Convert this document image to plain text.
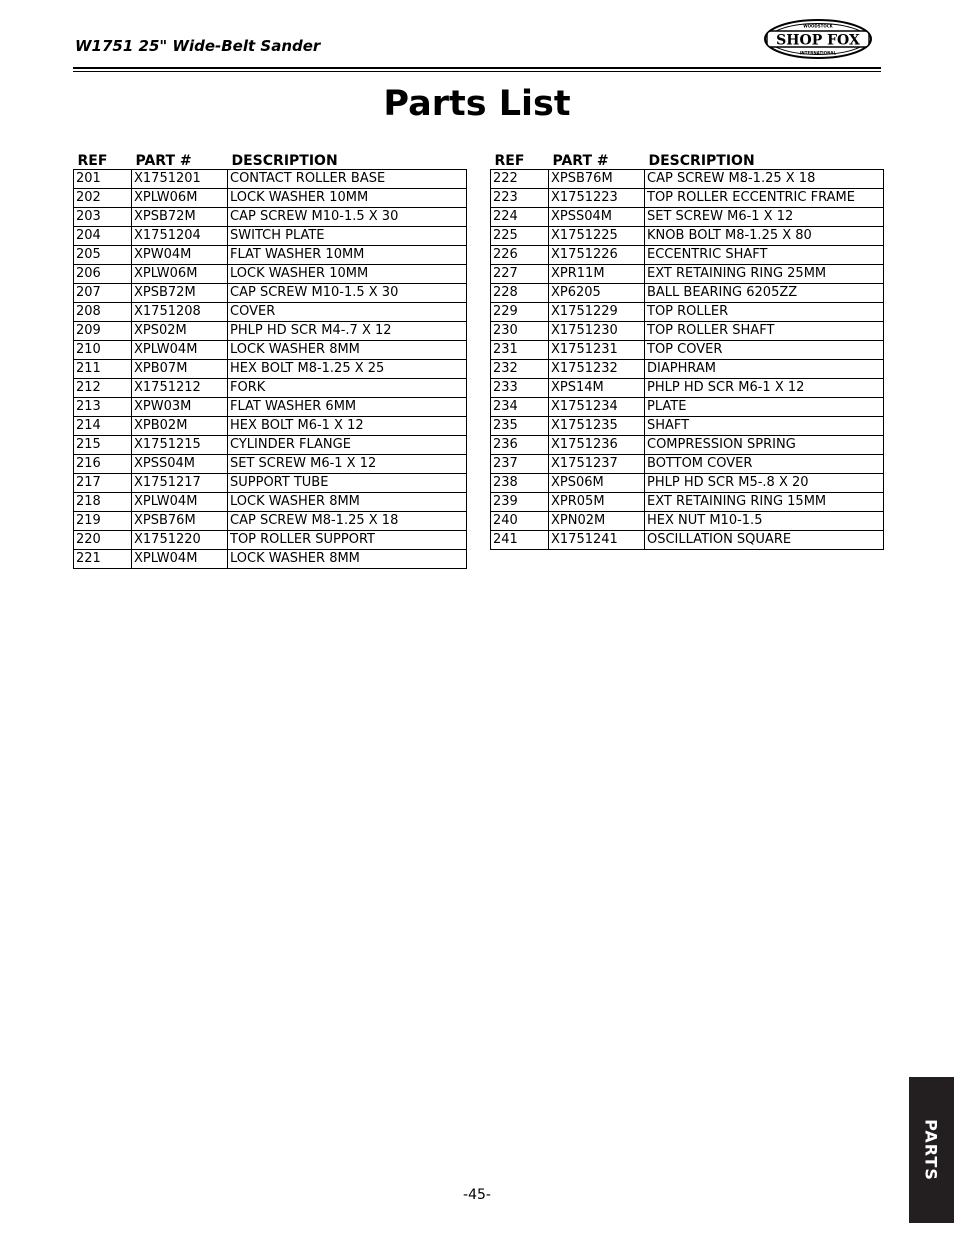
W1751 25" Wide-Belt Sander	SHOP FOX
WOODSTOCK
INTERNATIONAL
Parts List
REF	PART #	DESCRIPTION
201	X1751201	CONTACT ROLLER BASE
202	XPLW06M	LOCK WASHER 10MM
203	XPSB72M	CAP SCREW M10-1.5 X 30
204	X1751204	SWITCH PLATE
205	XPW04M	FLAT WASHER 10MM
206	XPLW06M	LOCK WASHER 10MM
207	XPSB72M	CAP SCREW M10-1.5 X 30
208	X1751208	COVER
209	XPS02M	PHLP HD SCR M4-.7 X 12
210	XPLW04M	LOCK WASHER 8MM
211	XPB07M	HEX BOLT M8-1.25 X 25
212	X1751212	FORK
213	XPW03M	FLAT WASHER 6MM
214	XPB02M	HEX BOLT M6-1 X 12
215	X1751215	CYLINDER FLANGE
216	XPSS04M	SET SCREW M6-1 X 12
217	X1751217	SUPPORT TUBE
218	XPLW04M	LOCK WASHER 8MM
219	XPSB76M	CAP SCREW M8-1.25 X 18
220	X1751220	TOP ROLLER SUPPORT
221	XPLW04M	LOCK WASHER 8MM
REF	PART #	DESCRIPTION
222	XPSB76M	CAP SCREW M8-1.25 X 18
223	X1751223	TOP ROLLER ECCENTRIC FRAME
224	XPSS04M	SET SCREW M6-1 X 12
225	X1751225	KNOB BOLT M8-1.25 X 80
226	X1751226	ECCENTRIC SHAFT
227	XPR11M	EXT RETAINING RING 25MM
228	XP6205	BALL BEARING 6205ZZ
229	X1751229	TOP ROLLER
230	X1751230	TOP ROLLER SHAFT
231	X1751231	TOP COVER
232	X1751232	DIAPHRAM
233	XPS14M	PHLP HD SCR M6-1 X 12
234	X1751234	PLATE
235	X1751235	SHAFT
236	X1751236	COMPRESSION SPRING
237	X1751237	BOTTOM COVER
238	XPS06M	PHLP HD SCR M5-.8 X 20
239	XPR05M	EXT RETAINING RING 15MM
240	XPN02M	HEX NUT M10-1.5
241	X1751241	OSCILLATION SQUARE
PARTS
-45-
